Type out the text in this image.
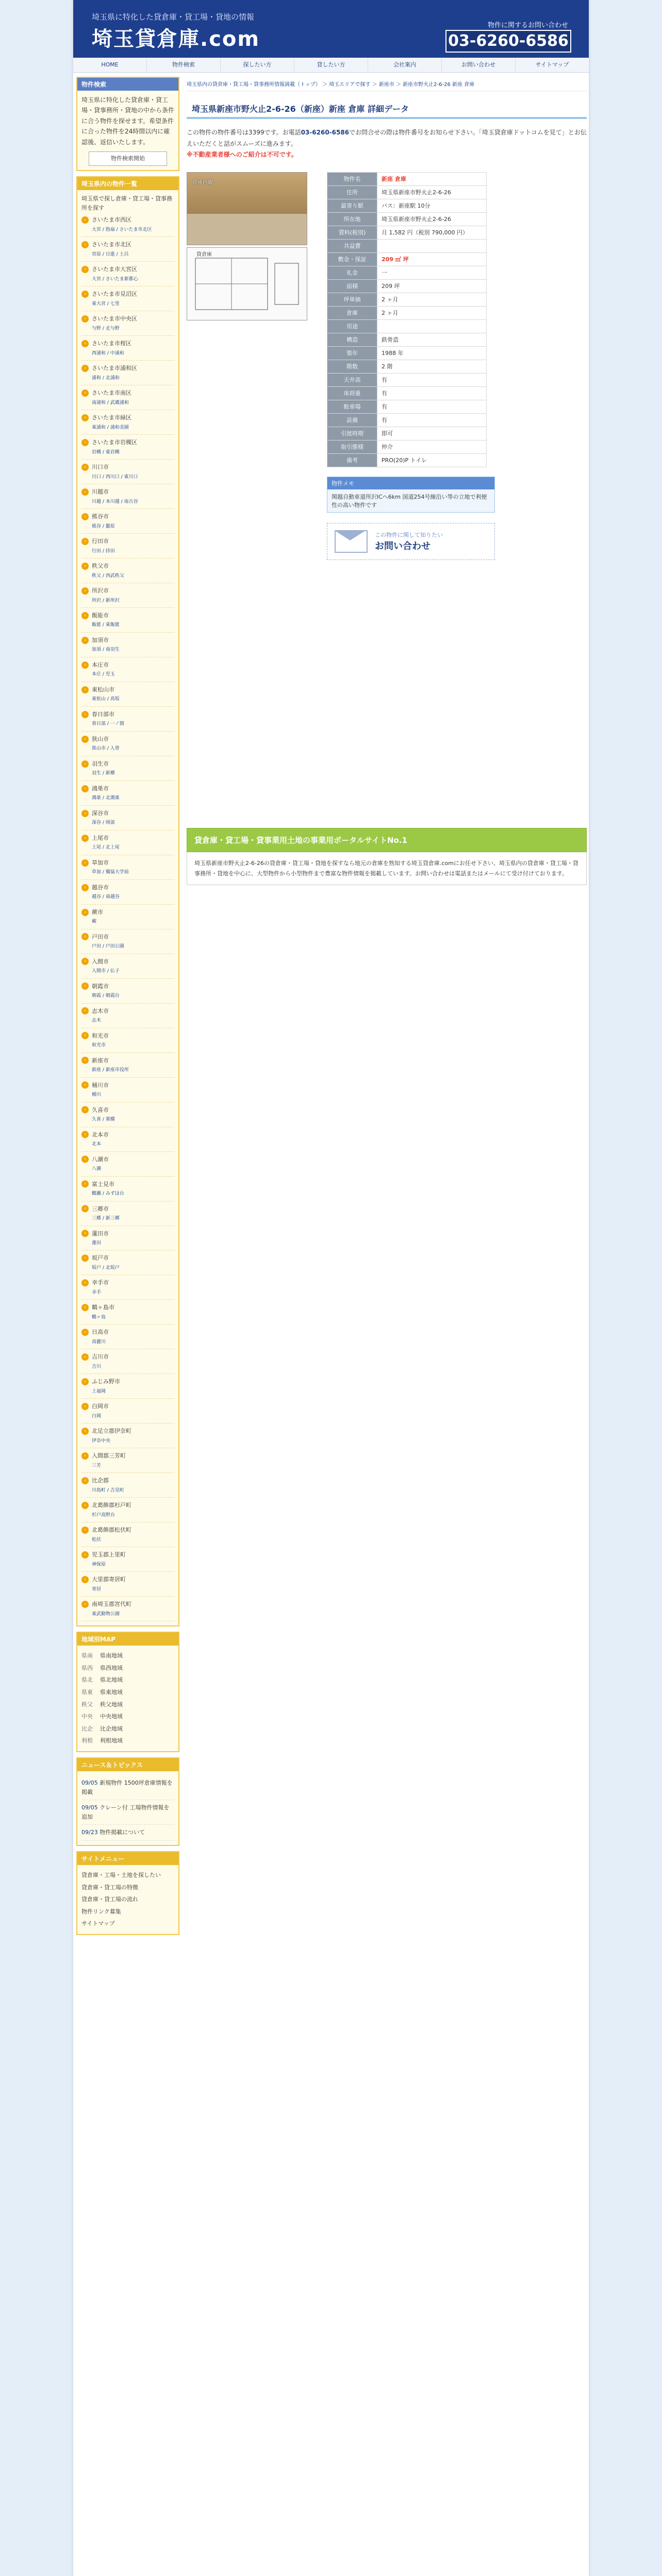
埼玉県に特化した貸倉庫・貸工場・貸地の情報
埼玉貸倉庫.com
物件に関するお問い合わせ
03-6260-6586
HOME	物件検索	探したい方	貸したい方	会社案内	お問い合わせ	サイトマップ
物件検索
埼玉県に特化した貸倉庫・貸工場・貸事務所・貸地の中から条件に合う物件を探せます。希望条件に合った物件を24時間以内に確認後、返信いたします。
物件検索開始
埼玉県内の物件一覧
埼玉県で探し倉庫・貸工場・貸事務所を探す
›	さいたま市西区
大宮 / 指扇 / さいたま市北区
›	さいたま市北区
宮原 / 日進 / 土呂
›	さいたま市大宮区
大宮 / さいたま新都心
›	さいたま市見沼区
東大宮 / 七里
›	さいたま市中央区
与野 / 北与野
›	さいたま市桜区
西浦和 / 中浦和
›	さいたま市浦和区
浦和 / 北浦和
›	さいたま市南区
南浦和 / 武蔵浦和
›	さいたま市緑区
東浦和 / 浦和美園
›	さいたま市岩槻区
岩槻 / 東岩槻
›	川口市
川口 / 西川口 / 東川口
›	川越市
川越 / 本川越 / 南古谷
›	熊谷市
熊谷 / 籠原
›	行田市
行田 / 持田
›	秩父市
秩父 / 西武秩父
›	所沢市
所沢 / 新所沢
›	飯能市
飯能 / 東飯能
›	加須市
加須 / 南羽生
›	本庄市
本庄 / 児玉
›	東松山市
東松山 / 高坂
›	春日部市
春日部 / 一ノ割
›	狭山市
狭山市 / 入曽
›	羽生市
羽生 / 新郷
›	鴻巣市
鴻巣 / 北鴻巣
›	深谷市
深谷 / 岡部
›	上尾市
上尾 / 北上尾
›	草加市
草加 / 獨協大学前
›	越谷市
越谷 / 南越谷
›	蕨市
蕨
›	戸田市
戸田 / 戸田公園
›	入間市
入間市 / 仏子
›	朝霞市
朝霞 / 朝霞台
›	志木市
志木
›	和光市
和光市
›	新座市
新座 / 新座市役所
›	桶川市
桶川
›	久喜市
久喜 / 栗橋
›	北本市
北本
›	八潮市
八潮
›	富士見市
鶴瀬 / みずほ台
›	三郷市
三郷 / 新三郷
›	蓮田市
蓮田
›	坂戸市
坂戸 / 北坂戸
›	幸手市
幸手
›	鶴ヶ島市
鶴ヶ島
›	日高市
高麗川
›	吉川市
吉川
›	ふじみ野市
上福岡
›	白岡市
白岡
›	北足立郡伊奈町
伊奈中央
›	入間郡三芳町
三芳
›	比企郡
川島町 / 吉見町
›	北葛飾郡杉戸町
杉戸高野台
›	北葛飾郡松伏町
松伏
›	児玉郡上里町
神保原
›	大里郡寄居町
寄居
›	南埼玉郡宮代町
東武動物公園
地域別MAP
県南	県南地域
県西	県西地域
県北	県北地域
県東	県東地域
秩父	秩父地域
中央	中央地域
比企	比企地域
利根	利根地域
ニュース＆トピックス
09/05 新規物件 1500坪倉庫情報を掲載
09/05 クレーン付 工場物件情報を追加
09/23 物件掲載について
サイトメニュー
貸倉庫・工場・土地を探したい
貸倉庫・貸工場の特徴
貸倉庫・貸工場の流れ
物件リンク募集
サイトマップ
埼玉県内の貸倉庫・貸工場・貸事務所情報満載（トップ） ＞ 埼玉エリアで探す ＞ 新座市 ＞ 新座市野火止2-6-26 新座 倉庫
埼玉県新座市野火止2-6-26（新座）新座 倉庫 詳細データ
この物件の物件番号は3399です。お電話03-6260-6586でお問合せの際は物件番号をお知らせ下さい。「埼玉貸倉庫ドットコムを見て」とお伝えいただくと話がスムーズに進みます。
※不動産業者様へのご紹介は不可です。
倉庫内観
貸倉庫
物件名	新座 倉庫
住所	埼玉県新座市野火止2-6-26
最寄り駅	バス：新座駅 10分
所在地	埼玉県新座市野火止2-6-26
賃料(税別)	月 1,582 円（税別 790,000 円）
共益費	
敷金・保証	209 ㎡ 坪
礼金	一
面積	209 坪
坪単価	2 ヶ月
倉庫	2 ヶ月
用途	
構造	鉄骨造
築年	1988 年
階数	2 階
天井高	有
床荷重	有
駐車場	有
設備	有
引渡時期	即可
取引態様	仲介
備考	PRO(20)P トイレ
物件メモ
関越自動車道所沢ICへ6km 国道254号線沿い等の立地で利便性の高い物件です
この物件に関して知りたい
お問い合わせ
貸倉庫・貸工場・貸事業用土地の事業用ポータルサイトNo.1
埼玉県新座市野火止2-6-26の貸倉庫・貸工場・貸地を探すなら地元の倉庫を熟知する埼玉貸倉庫.comにお任せ下さい。埼玉県内の貸倉庫・貸工場・貸事務所・貸地を中心に、大型物件から小型物件まで豊富な物件情報を掲載しています。お問い合わせは電話またはメールにて受け付けております。
